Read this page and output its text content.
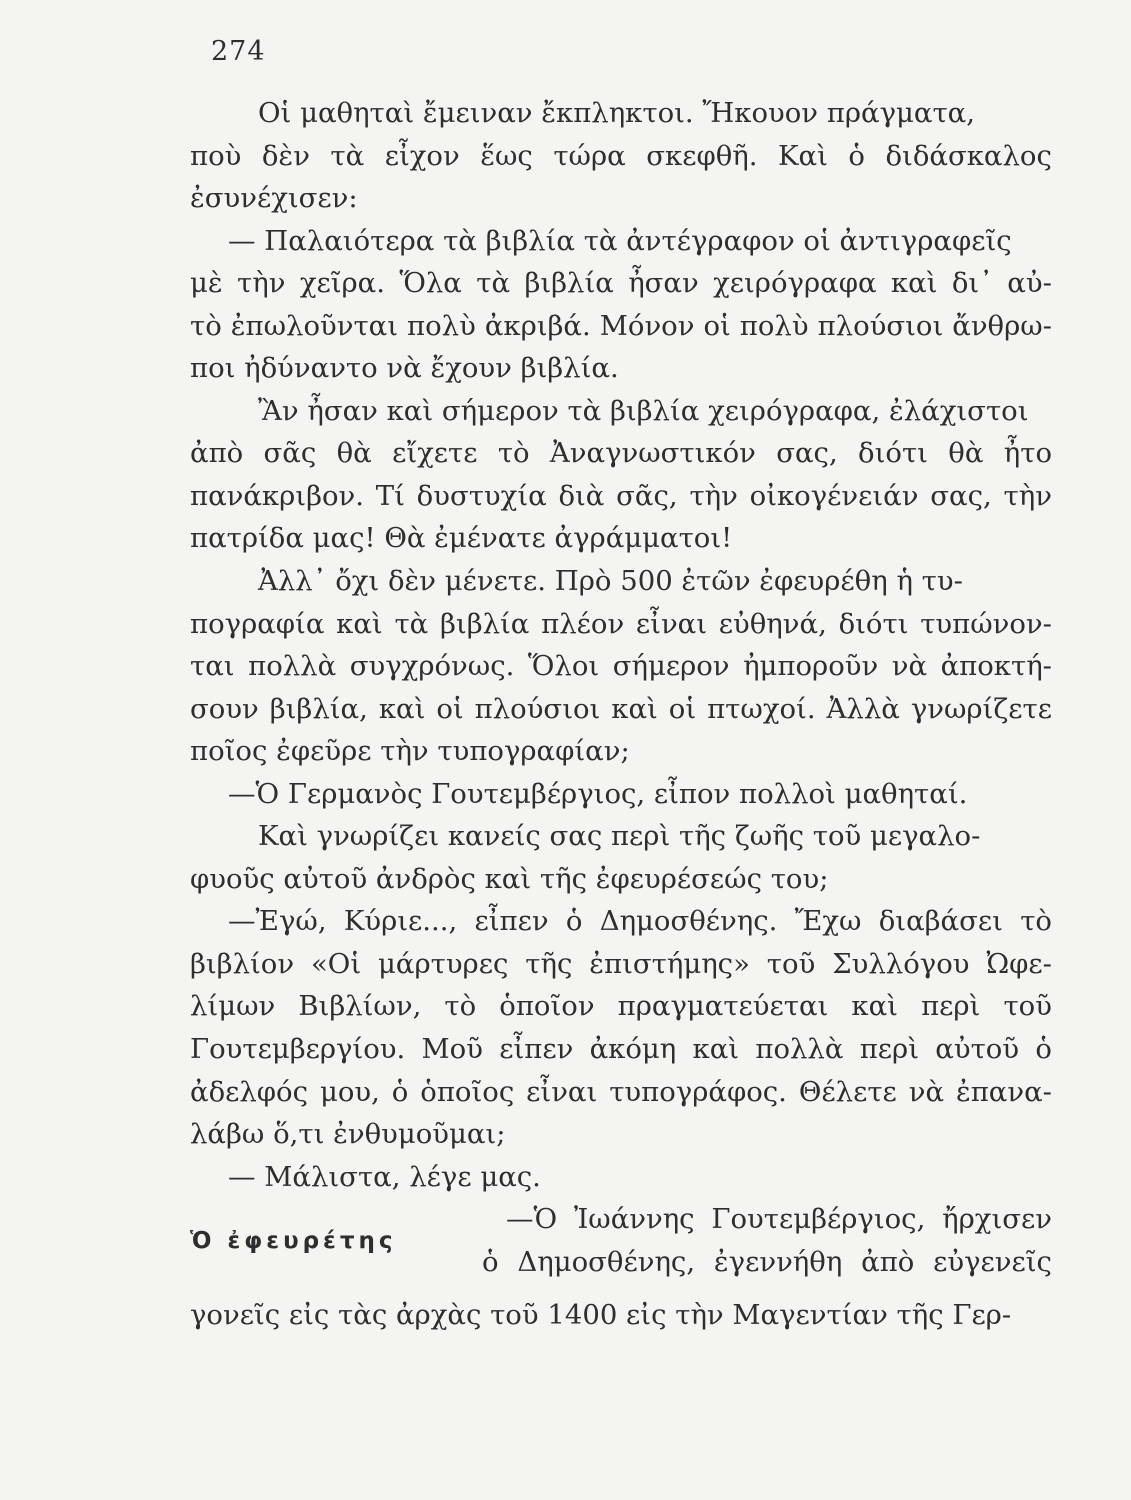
274
Οἱ μαθηταὶ ἔμειναν ἔκπληκτοι. Ἤκουον πράγματα,
ποὺ δὲν τὰ εἶχον ἕως τώρα σκεφθῆ. Καὶ ὁ διδάσκαλος
ἐσυνέχισεν:
— Παλαιότερα τὰ βιβλία τὰ ἀντέγραφον οἱ ἀντιγραφεῖς
μὲ τὴν χεῖρα. Ὅλα τὰ βιβλία ἦσαν χειρόγραφα καὶ δι᾽ αὐ-
τὸ ἐπωλοῦνται πολὺ ἀκριβά. Μόνον οἱ πολὺ πλούσιοι ἄνθρω-
ποι ἠδύναντο νὰ ἔχουν βιβλία.
Ἂν ἦσαν καὶ σήμερον τὰ βιβλία χειρόγραφα, ἐλάχιστοι
ἀπὸ σᾶς θὰ εἴχετε τὸ Ἀναγνωστικόν σας, διότι θὰ ἦτο
πανάκριβον. Τί δυστυχία διὰ σᾶς, τὴν οἰκογένειάν σας, τὴν
πατρίδα μας! Θὰ ἐμένατε ἀγράμματοι!
Ἀλλ᾽ ὄχι δὲν μένετε. Πρὸ 500 ἐτῶν ἐφευρέθη ἡ τυ-
πογραφία καὶ τὰ βιβλία πλέον εἶναι εὐθηνά, διότι τυπώνον-
ται πολλὰ συγχρόνως. Ὅλοι σήμερον ἠμποροῦν νὰ ἀποκτή-
σουν βιβλία, καὶ οἱ πλούσιοι καὶ οἱ πτωχοί. Ἀλλὰ γνωρίζετε
ποῖος ἐφεῦρε τὴν τυπογραφίαν;
—Ὁ Γερμανὸς Γουτεμβέργιος, εἶπον πολλοὶ μαθηταί.
Καὶ γνωρίζει κανείς σας περὶ τῆς ζωῆς τοῦ μεγαλο-
φυοῦς αὐτοῦ ἀνδρὸς καὶ τῆς ἐφευρέσεώς του;
—Ἐγώ, Κύριε..., εἶπεν ὁ Δημοσθένης. Ἔχω διαβάσει τὸ
βιβλίον «Οἱ μάρτυρες τῆς ἐπιστήμης» τοῦ Συλλόγου Ὠφε-
λίμων Βιβλίων, τὸ ὁποῖον πραγματεύεται καὶ περὶ τοῦ
Γουτεμβεργίου. Μοῦ εἶπεν ἀκόμη καὶ πολλὰ περὶ αὐτοῦ ὁ
ἀδελφός μου, ὁ ὁποῖος εἶναι τυπογράφος. Θέλετε νὰ ἐπανα-
λάβω ὅ,τι ἐνθυμοῦμαι;
— Μάλιστα, λέγε μας.
Ὁ ἐφευρέτης
—Ὁ Ἰωάννης Γουτεμβέργιος, ἤρχισεν
ὁ Δημοσθένης, ἐγεννήθη ἀπὸ εὐγενεῖς
γονεῖς εἰς τὰς ἀρχὰς τοῦ 1400 εἰς τὴν Μαγεντίαν τῆς Γερ-
